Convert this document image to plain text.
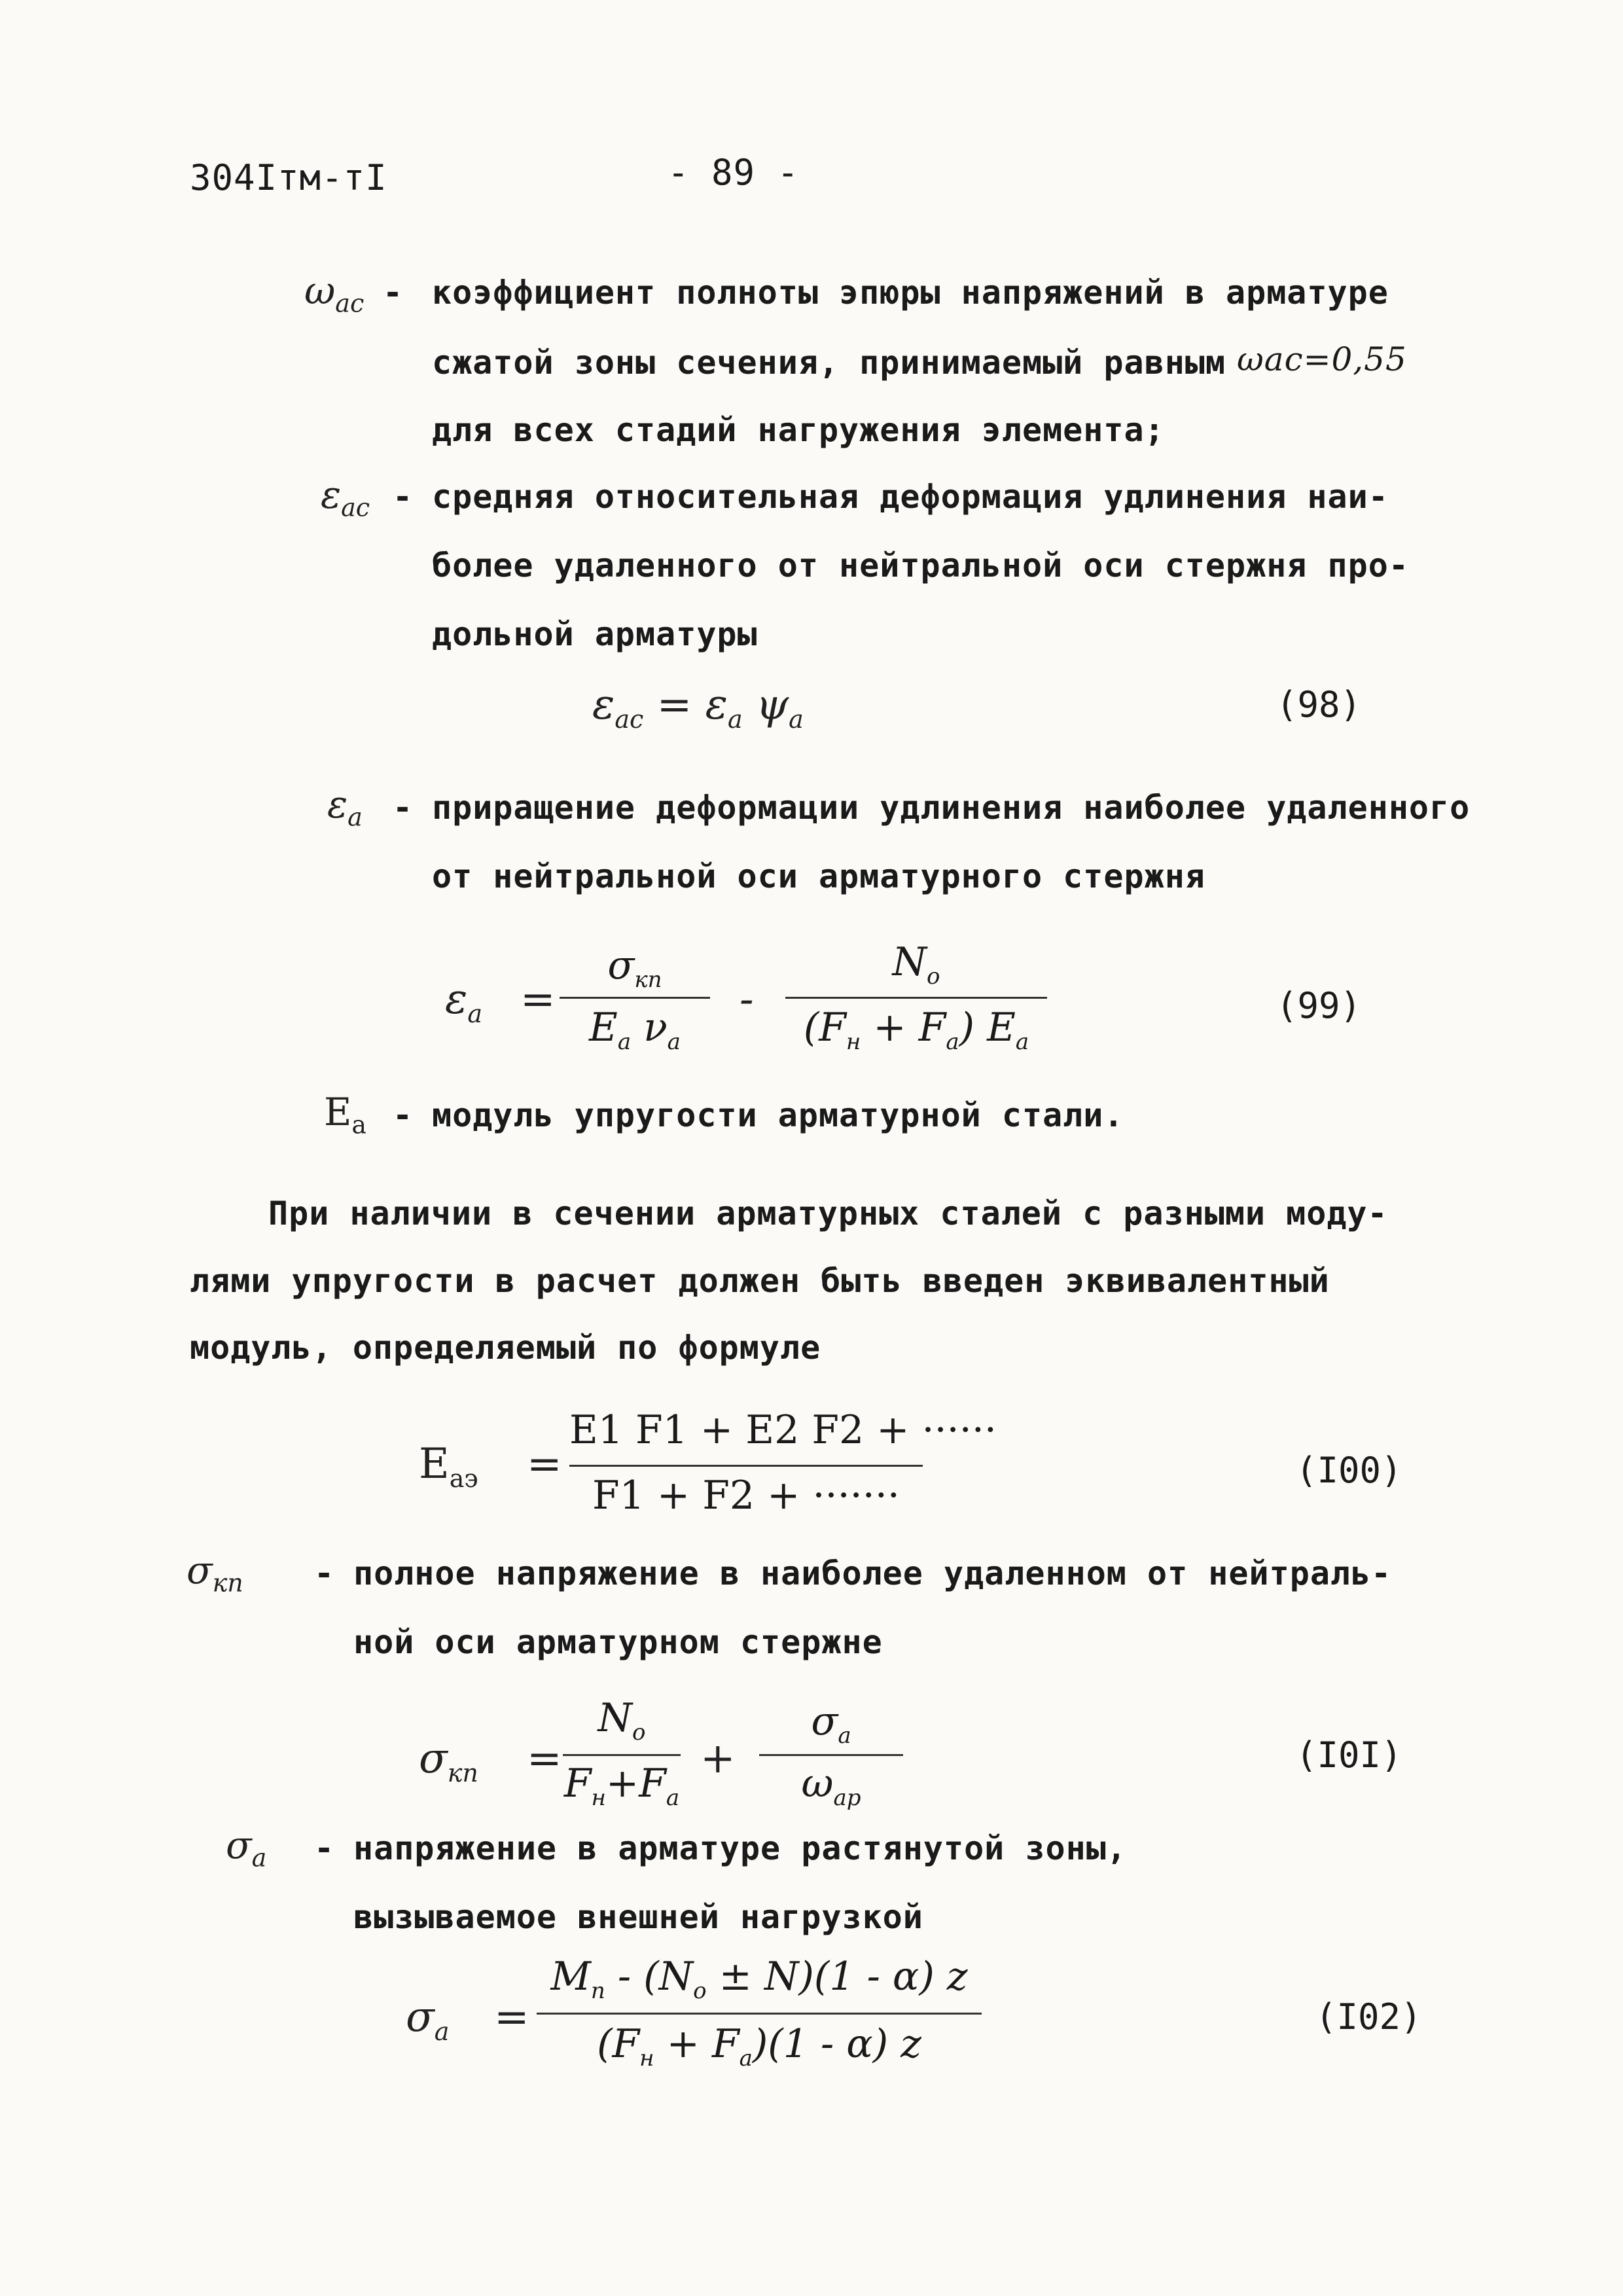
304Iтм-тI	- 89 -
$\omega_{ac}$ - коэффициент полноты эпюры напряжений в арматуре
сжатой зоны сечения, принимаемый равным ωac=0,55
для всех стадий нагружения элемента;
$\varepsilon_{ac}$ - средняя относительная деформация удлинения наи-
более удаленного от нейтральной оси стержня про-
дольной арматуры
$\varepsilon_{ac} = \varepsilon_a$ $\psi_a$	(98)
$\varepsilon_a$ - приращение деформации удлинения наиболее удаленного
от нейтральной оси арматурного стержня
$\varepsilon_a$ =
$\sigma_{кп}$
$E_a$ $\nu_a$
-
$N_o$
$(F_н + F_a)$ $E_a$
(99)
$E_a$ - модуль упругости арматурной стали.
При наличии в сечении арматурных сталей с разными моду-
лями упругости в расчет должен быть введен эквивалентный
модуль, определяемый по формуле
$E_{aэ}$ =
E1 F1 + E2 F2 + ······
F1 + F2 + ·······
(I00)
$\sigma_{кп}$ - полное напряжение в наиболее удаленном от нейтраль-
ной оси арматурном стержне
$\sigma_{кп}$ =
$N_o$
$F_н+F_a$
+
$\sigma_a$
$\omega_{ap}$
(I0I)
$\sigma_a$ - напряжение в арматуре растянутой зоны,
вызываемое внешней нагрузкой
$\sigma_a$ =
$M_п - (N_o \pm N)(1 - \alpha)$ z
$(F_н + F_a)(1 - \alpha)$ z
(I02)
